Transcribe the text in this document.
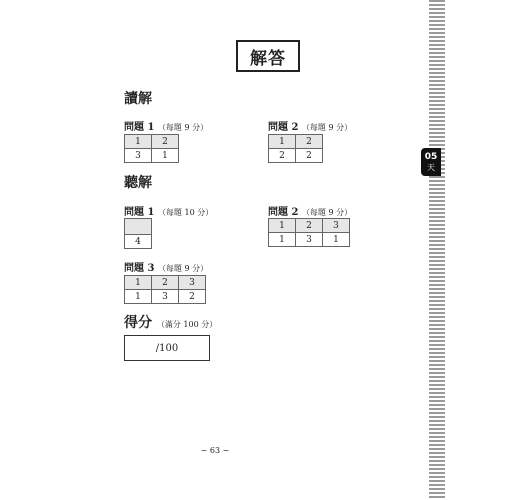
05
天
解答
讀解
問題 1 （每題 9 分）
1	2
3	1
問題 2 （每題 9 分）
1	2
2	2
聽解
問題 1 （每題 10 分）

4
問題 2 （每題 9 分）
1	2	3
1	3	1
問題 3 （每題 9 分）
1	2	3
1	3	2
得分 （滿分 100 分）
/100
~ 63 ~
